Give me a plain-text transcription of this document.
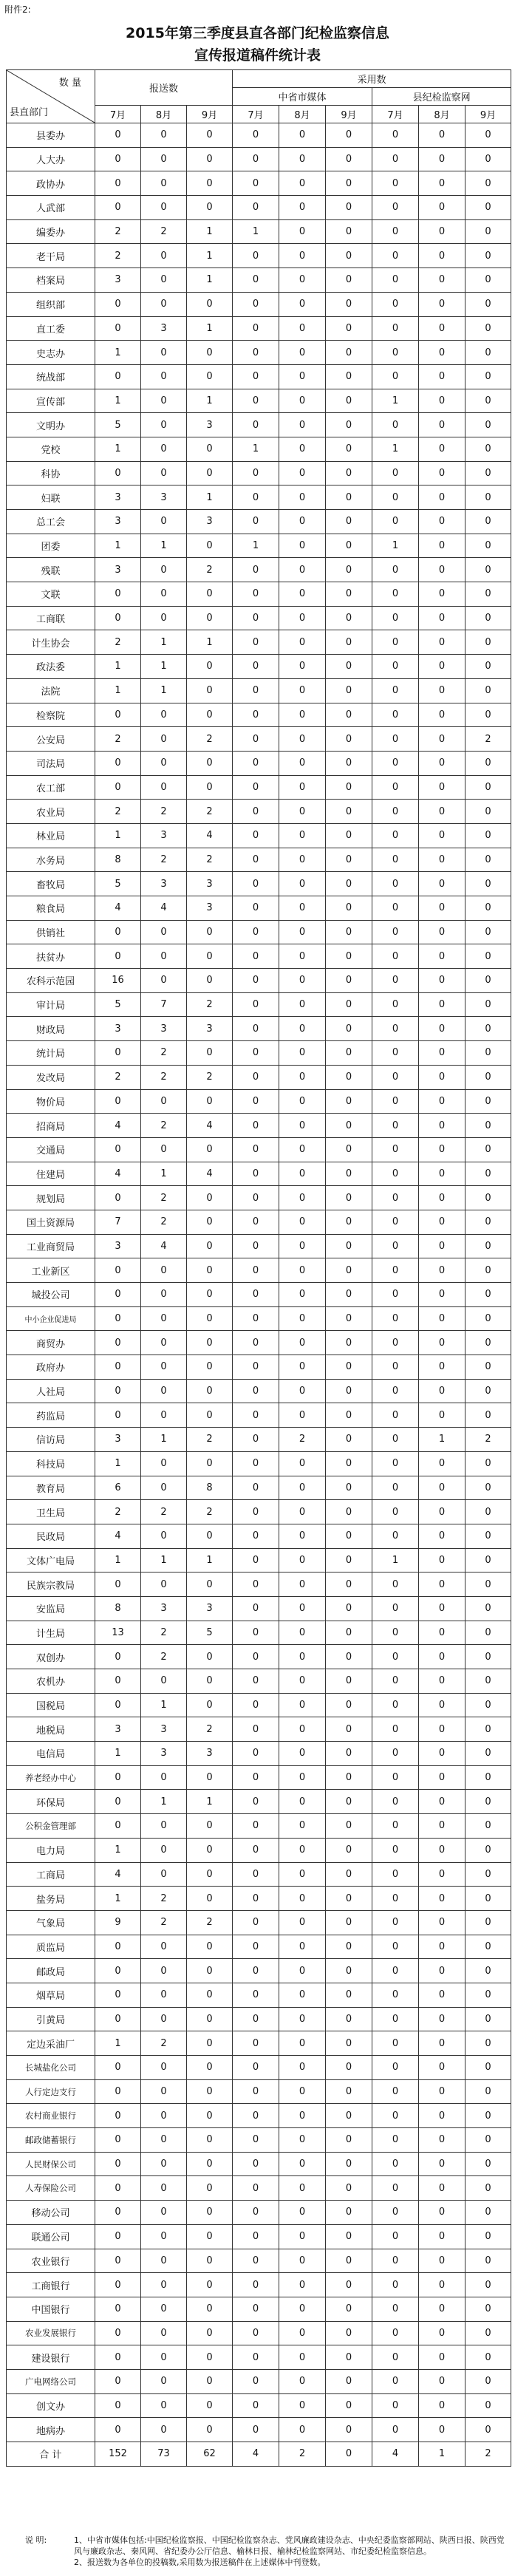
附件2:
2015年第三季度县直各部门纪检监察信息
宣传报道稿件统计表
数 量
县直部门	报送数			采用数					
				中省市媒体			县纪检监察网		
	7月	8月	9月	7月	8月	9月	7月	8月	9月
县委办	0	0	0	0	0	0	0	0	0
人大办	0	0	0	0	0	0	0	0	0
政协办	0	0	0	0	0	0	0	0	0
人武部	0	0	0	0	0	0	0	0	0
编委办	2	2	1	1	0	0	0	0	0
老干局	2	0	1	0	0	0	0	0	0
档案局	3	0	1	0	0	0	0	0	0
组织部	0	0	0	0	0	0	0	0	0
直工委	0	3	1	0	0	0	0	0	0
史志办	1	0	0	0	0	0	0	0	0
统战部	0	0	0	0	0	0	0	0	0
宣传部	1	0	1	0	0	0	1	0	0
文明办	5	0	3	0	0	0	0	0	0
党校	1	0	0	1	0	0	1	0	0
科协	0	0	0	0	0	0	0	0	0
妇联	3	3	1	0	0	0	0	0	0
总工会	3	0	3	0	0	0	0	0	0
团委	1	1	0	1	0	0	1	0	0
残联	3	0	2	0	0	0	0	0	0
文联	0	0	0	0	0	0	0	0	0
工商联	0	0	0	0	0	0	0	0	0
计生协会	2	1	1	0	0	0	0	0	0
政法委	1	1	0	0	0	0	0	0	0
法院	1	1	0	0	0	0	0	0	0
检察院	0	0	0	0	0	0	0	0	0
公安局	2	0	2	0	0	0	0	0	2
司法局	0	0	0	0	0	0	0	0	0
农工部	0	0	0	0	0	0	0	0	0
农业局	2	2	2	0	0	0	0	0	0
林业局	1	3	4	0	0	0	0	0	0
水务局	8	2	2	0	0	0	0	0	0
畜牧局	5	3	3	0	0	0	0	0	0
粮食局	4	4	3	0	0	0	0	0	0
供销社	0	0	0	0	0	0	0	0	0
扶贫办	0	0	0	0	0	0	0	0	0
农科示范园	16	0	0	0	0	0	0	0	0
审计局	5	7	2	0	0	0	0	0	0
财政局	3	3	3	0	0	0	0	0	0
统计局	0	2	0	0	0	0	0	0	0
发改局	2	2	2	0	0	0	0	0	0
物价局	0	0	0	0	0	0	0	0	0
招商局	4	2	4	0	0	0	0	0	0
交通局	0	0	0	0	0	0	0	0	0
住建局	4	1	4	0	0	0	0	0	0
规划局	0	2	0	0	0	0	0	0	0
国土资源局	7	2	0	0	0	0	0	0	0
工业商贸局	3	4	0	0	0	0	0	0	0
工业新区	0	0	0	0	0	0	0	0	0
城投公司	0	0	0	0	0	0	0	0	0
中小企业促进局	0	0	0	0	0	0	0	0	0
商贸办	0	0	0	0	0	0	0	0	0
政府办	0	0	0	0	0	0	0	0	0
人社局	0	0	0	0	0	0	0	0	0
药监局	0	0	0	0	0	0	0	0	0
信访局	3	1	2	0	2	0	0	1	2
科技局	1	0	0	0	0	0	0	0	0
教育局	6	0	8	0	0	0	0	0	0
卫生局	2	2	2	0	0	0	0	0	0
民政局	4	0	0	0	0	0	0	0	0
文体广电局	1	1	1	0	0	0	1	0	0
民族宗教局	0	0	0	0	0	0	0	0	0
安监局	8	3	3	0	0	0	0	0	0
计生局	13	2	5	0	0	0	0	0	0
双创办	0	2	0	0	0	0	0	0	0
农机办	0	0	0	0	0	0	0	0	0
国税局	0	1	0	0	0	0	0	0	0
地税局	3	3	2	0	0	0	0	0	0
电信局	1	3	3	0	0	0	0	0	0
养老经办中心	0	0	0	0	0	0	0	0	0
环保局	0	1	1	0	0	0	0	0	0
公积金管理部	0	0	0	0	0	0	0	0	0
电力局	1	0	0	0	0	0	0	0	0
工商局	4	0	0	0	0	0	0	0	0
盐务局	1	2	0	0	0	0	0	0	0
气象局	9	2	2	0	0	0	0	0	0
质监局	0	0	0	0	0	0	0	0	0
邮政局	0	0	0	0	0	0	0	0	0
烟草局	0	0	0	0	0	0	0	0	0
引黄局	0	0	0	0	0	0	0	0	0
定边采油厂	1	2	0	0	0	0	0	0	0
长城盐化公司	0	0	0	0	0	0	0	0	0
人行定边支行	0	0	0	0	0	0	0	0	0
农村商业银行	0	0	0	0	0	0	0	0	0
邮政储蓄银行	0	0	0	0	0	0	0	0	0
人民财保公司	0	0	0	0	0	0	0	0	0
人寿保险公司	0	0	0	0	0	0	0	0	0
移动公司	0	0	0	0	0	0	0	0	0
联通公司	0	0	0	0	0	0	0	0	0
农业银行	0	0	0	0	0	0	0	0	0
工商银行	0	0	0	0	0	0	0	0	0
中国银行	0	0	0	0	0	0	0	0	0
农业发展银行	0	0	0	0	0	0	0	0	0
建设银行	0	0	0	0	0	0	0	0	0
广电网络公司	0	0	0	0	0	0	0	0	0
创文办	0	0	0	0	0	0	0	0	0
地病办	0	0	0	0	0	0	0	0	0
合 计	152	73	62	4	2	0	4	1	2
说 明:	1、中省市媒体包括:中国纪检监察报、中国纪检监察杂志、党风廉政建设杂志、中央纪委监察部网站、陕西日报、陕西党风与廉政杂志、秦风网、省纪委办公厅信息、榆林日报、榆林纪检监察网站、市纪委纪检监察信息。
2、报送数为各单位的投稿数,采用数为报送稿件在上述媒体中刊登数。
